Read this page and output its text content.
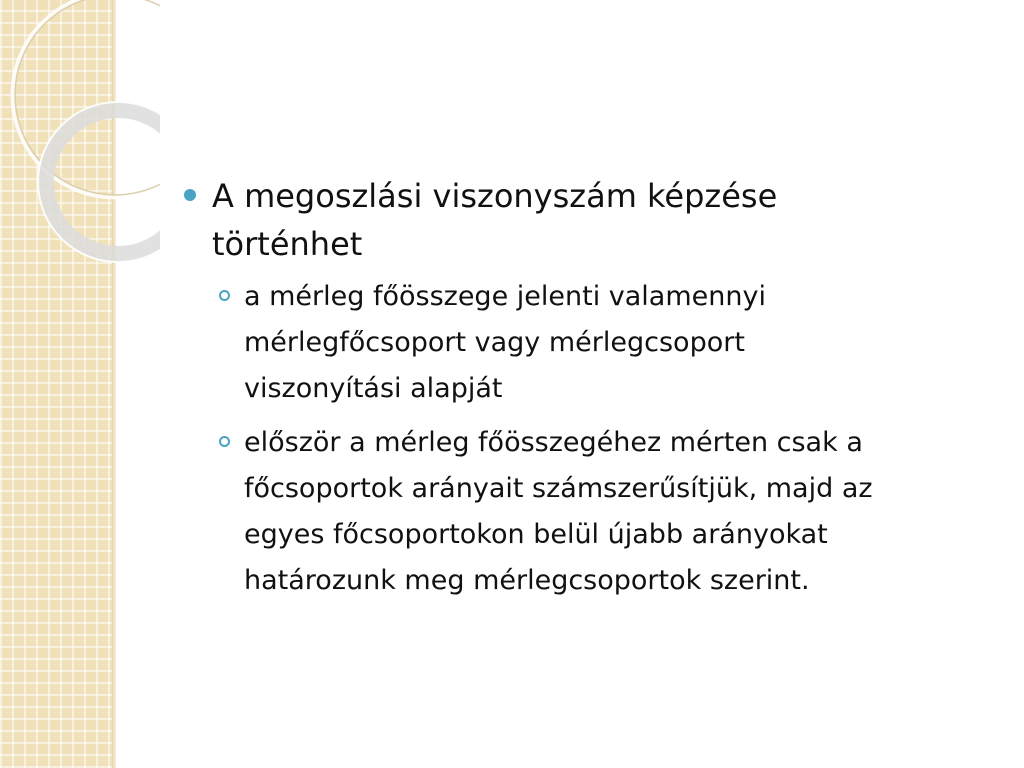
A megoszlási viszonyszám képzése
történhet
a mérleg főösszege jelenti valamennyi
mérlegfőcsoport vagy mérlegcsoport
viszonyítási alapját
először a mérleg főösszegéhez mérten csak a
főcsoportok arányait számszerűsítjük, majd az
egyes főcsoportokon belül újabb arányokat
határozunk meg mérlegcsoportok szerint.
